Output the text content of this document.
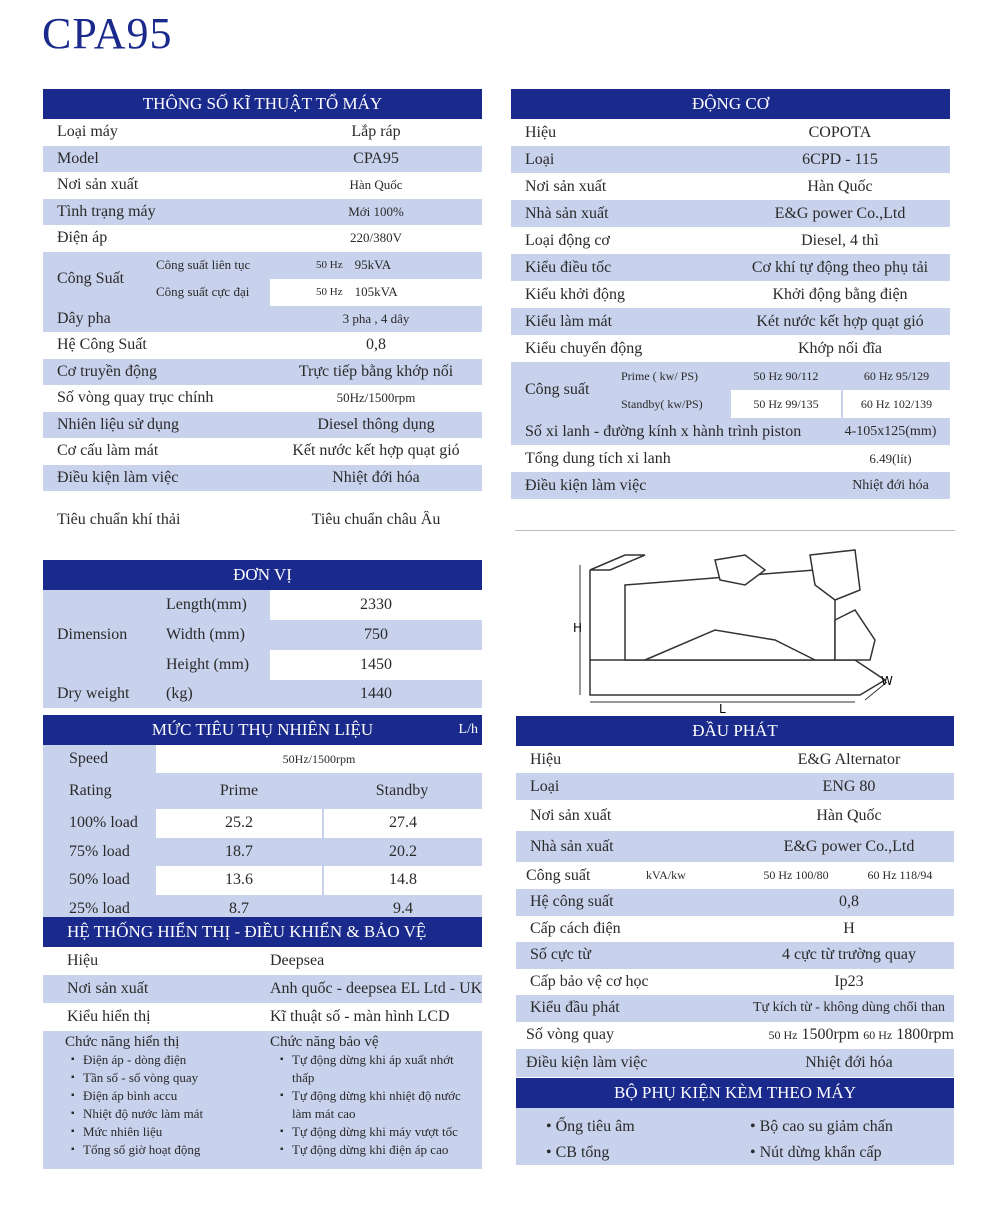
CPA95
THÔNG SỐ KĨ THUẬT TỔ MÁY
Loại máy	Lắp ráp
Model	CPA95
Nơi sản xuất	Hàn Quốc
Tình trạng máy	Mới 100%
Điện áp	220/380V
Công Suất
Công suất liên tục	50 Hz 95kVA
Công suất cực đại	50 Hz 105kVA
Dây pha	3 pha , 4 dây
Hệ Công Suất	0,8
Cơ truyền động	Trực tiếp bằng khớp nối
Số vòng quay trục chính	50Hz/1500rpm
Nhiên liệu sử dụng	Diesel thông dụng
Cơ cấu làm mát	Kết nước kết hợp quạt gió
Điều kiện làm việc	Nhiệt đới hóa
Tiêu chuẩn khí thải	Tiêu chuẩn châu Âu
ĐƠN VỊ
Dimension
Length(mm)	2330
Width (mm)	750
Height (mm)	1450
Dry weight	(kg)	1440
MỨC TIÊU THỤ NHIÊN LIỆU	L/h
Speed	50Hz/1500rpm
Rating	Prime	Standby
100% load	25.2	27.4
75% load	18.7	20.2
50% load	13.6	14.8
25% load	8.7	9.4
HỆ THỐNG HIỂN THỊ - ĐIỀU KHIỂN & BẢO VỆ
Hiệu	Deepsea
Nơi sản xuất	Anh quốc - deepsea EL Ltd - UK
Kiểu hiển thị	Kĩ thuật số - màn hình LCD
Chức năng hiển thị
▪ Điện áp - dòng điện
▪ Tần số - số vòng quay
▪ Điện áp bình accu
▪ Nhiệt độ nước làm mát
▪ Mức nhiên liệu
▪ Tổng số giờ hoạt động
Chức năng bảo vệ
▪ Tự động dừng khi áp xuất nhớt thấp
▪ Tự động dừng khi nhiệt độ nước làm mát cao
▪ Tự động dừng khi máy vượt tốc
▪ Tự động dừng khi điện áp cao
ĐỘNG CƠ
Hiệu	COPOTA
Loại	6CPD - 115
Nơi sản xuất	Hàn Quốc
Nhà sản xuất	E&G power Co.,Ltd
Loại động cơ	Diesel, 4 thì
Kiểu điều tốc	Cơ khí tự động theo phụ tải
Kiểu khởi động	Khởi động bằng điện
Kiểu làm mát	Két nước kết hợp quạt gió
Kiểu chuyển động	Khớp nối đĩa
Công suất
Prime ( kw/ PS)	50 Hz 90/112	60 Hz 95/129
Standby( kw/PS)	50 Hz 99/135	60 Hz 102/139
Số xi lanh - đường kính x hành trình piston	4-105x125(mm)
Tổng dung tích xi lanh	6.49(lít)
Điều kiện làm việc	Nhiệt đới hóa
H
L
W
ĐẦU PHÁT
Hiệu	E&G Alternator
Loại	ENG 80
Nơi sản xuất	Hàn Quốc
Nhà sản xuất	E&G power Co.,Ltd
Công suất	kVA/kw	50 Hz 100/80	60 Hz 118/94
Hệ công suất	0,8
Cấp cách điện	H
Số cực từ	4 cực từ trường quay
Cấp bảo vệ cơ học	Ip23
Kiểu đầu phát	Tự kích từ - không dùng chổi than
Số vòng quay	50 Hz 1500rpm 60 Hz 1800rpm
Điều kiện làm việc	Nhiệt đới hóa
BỘ PHỤ KIỆN KÈM THEO MÁY
• Ống tiêu âm	• Bộ cao su giảm chấn
• CB tổng	• Nút dừng khẩn cấp
